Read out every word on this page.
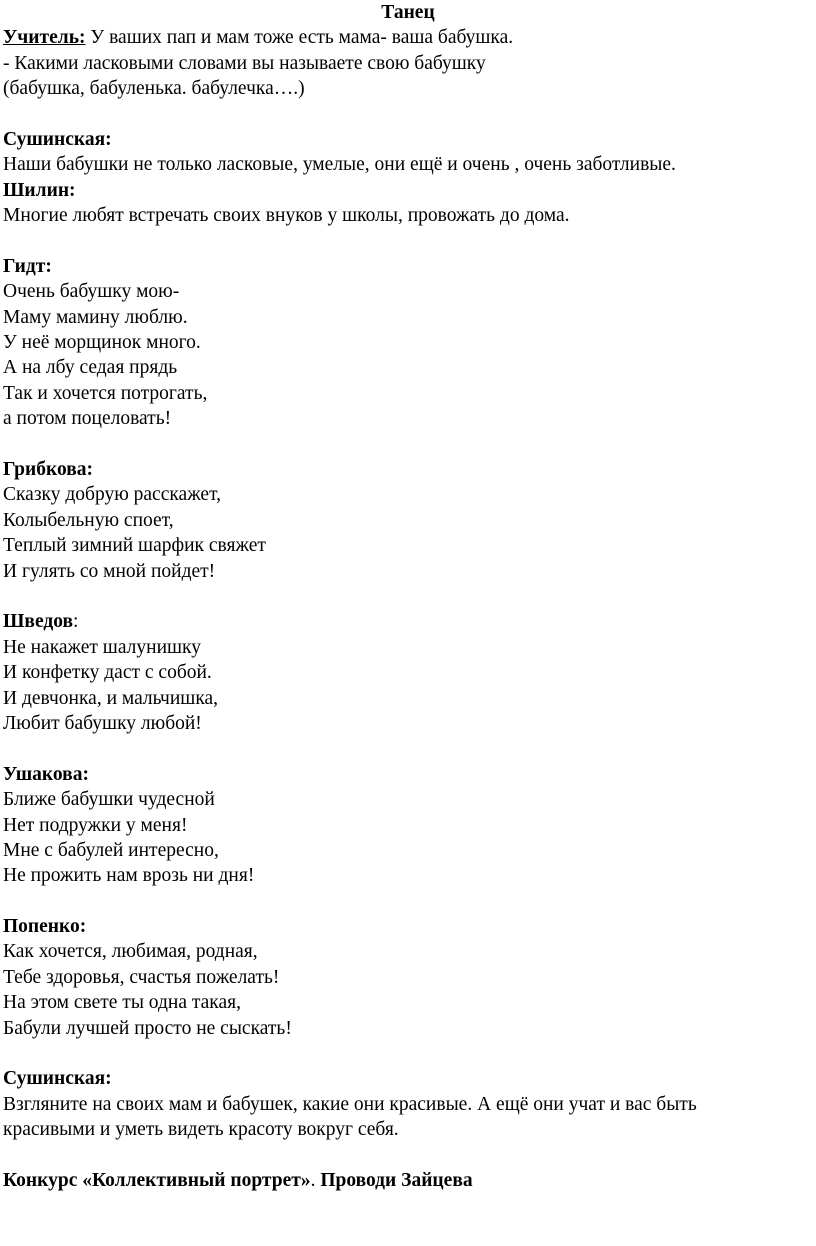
Танец

Учитель: У ваших пап и мам тоже есть мама- ваша бабушка.

- Какими ласковыми словами вы называете свою бабушку

(бабушка, бабуленька. бабулечка….)

Сушинская:

Наши бабушки не только ласковые, умелые, они ещё и очень , очень заботливые.

Шилин:

Многие любят встречать своих внуков у школы, провожать до дома.

Гидт:

Очень бабушку мою-

Маму мамину люблю.

У неё морщинок много.

А на лбу седая прядь

Так и хочется потрогать,

а потом поцеловать!

Грибкова:

Сказку добрую расскажет,

Колыбельную споет,

Теплый зимний шарфик свяжет

И гулять со мной пойдет!

Шведов:

Не накажет шалунишку

И конфетку даст с собой.

И девчонка, и мальчишка,

Любит бабушку любой!

Ушакова:

Ближе бабушки чудесной

Нет подружки у меня!

Мне с бабулей интересно,

Не прожить нам врозь ни дня!

Попенко:

Как хочется, любимая, родная,

Тебе здоровья, счастья пожелать!

На этом свете ты одна такая,

Бабули лучшей просто не сыскать!

Сушинская:

Взгляните на своих мам и бабушек, какие они красивые. А ещё они учат и вас быть

красивыми и уметь видеть красоту вокруг себя.

Конкурс «Коллективный портрет». Проводи Зайцева
